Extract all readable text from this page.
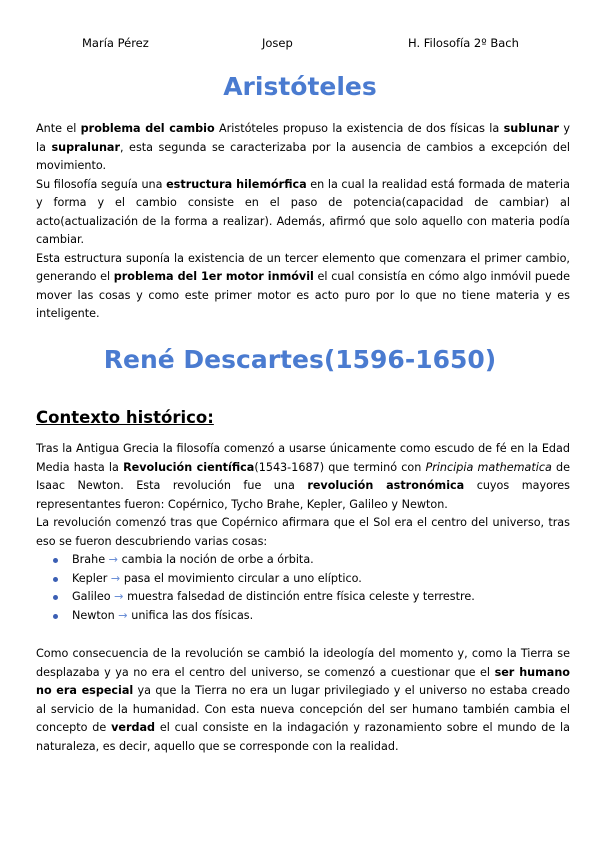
María Pérez	Josep	H. Filosofía 2º Bach
Aristóteles

Ante el problema del cambio Aristóteles propuso la existencia de dos físicas la sublunar y la supralunar, esta segunda se caracterizaba por la ausencia de cambios a excepción del movimiento.

Su filosofía seguía una estructura hilemórfica en la cual la realidad está formada de materia y forma y el cambio consiste en el paso de potencia(capacidad de cambiar) al acto(actualización de la forma a realizar). Además, afirmó que solo aquello con materia podía cambiar.

Esta estructura suponía la existencia de un tercer elemento que comenzara el primer cambio, generando el problema del 1er motor inmóvil el cual consistía en cómo algo inmóvil puede mover las cosas y como este primer motor es acto puro por lo que no tiene materia y es inteligente.

René Descartes(1596-1650)
Contexto histórico:

Tras la Antigua Grecia la filosofía comenzó a usarse únicamente como escudo de fé en la Edad Media hasta la Revolución científica(1543-1687) que terminó con Principia mathematica de Isaac Newton. Esta revolución fue una revolución astronómica cuyos mayores representantes fueron: Copérnico, Tycho Brahe, Kepler, Galileo y Newton.

La revolución comenzó tras que Copérnico afirmara que el Sol era el centro del universo, tras eso se fueron descubriendo varias cosas:

Brahe → cambia la noción de orbe a órbita.
Kepler → pasa el movimiento circular a uno elíptico.
Galileo → muestra falsedad de distinción entre física celeste y terrestre.
Newton → unifica las dos físicas.

Como consecuencia de la revolución se cambió la ideología del momento y, como la Tierra se desplazaba y ya no era el centro del universo, se comenzó a cuestionar que el ser humano no era especial ya que la Tierra no era un lugar privilegiado y el universo no estaba creado al servicio de la humanidad. Con esta nueva concepción del ser humano también cambia el concepto de verdad el cual consiste en la indagación y razonamiento sobre el mundo de la naturaleza, es decir, aquello que se corresponde con la realidad.
